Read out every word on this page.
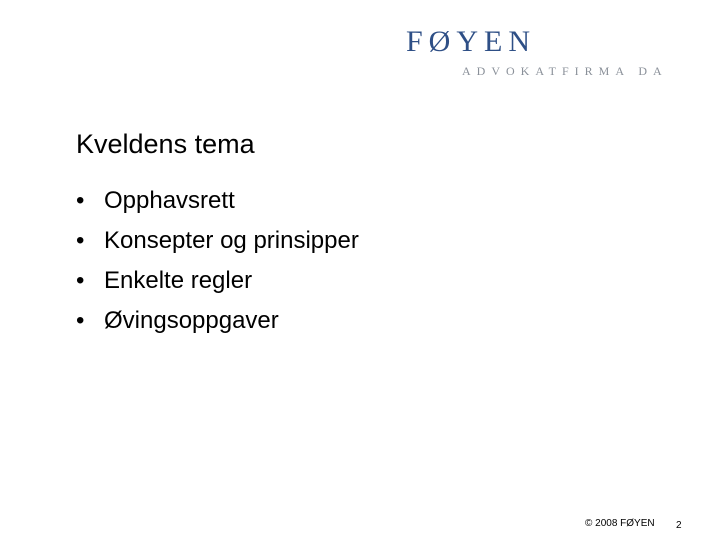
FØYEN
ADVOKATFIRMA DA
Kveldens tema
• Opphavsrett
• Konsepter og prinsipper
• Enkelte regler
• Øvingsoppgaver
© 2008 FØYEN 2
